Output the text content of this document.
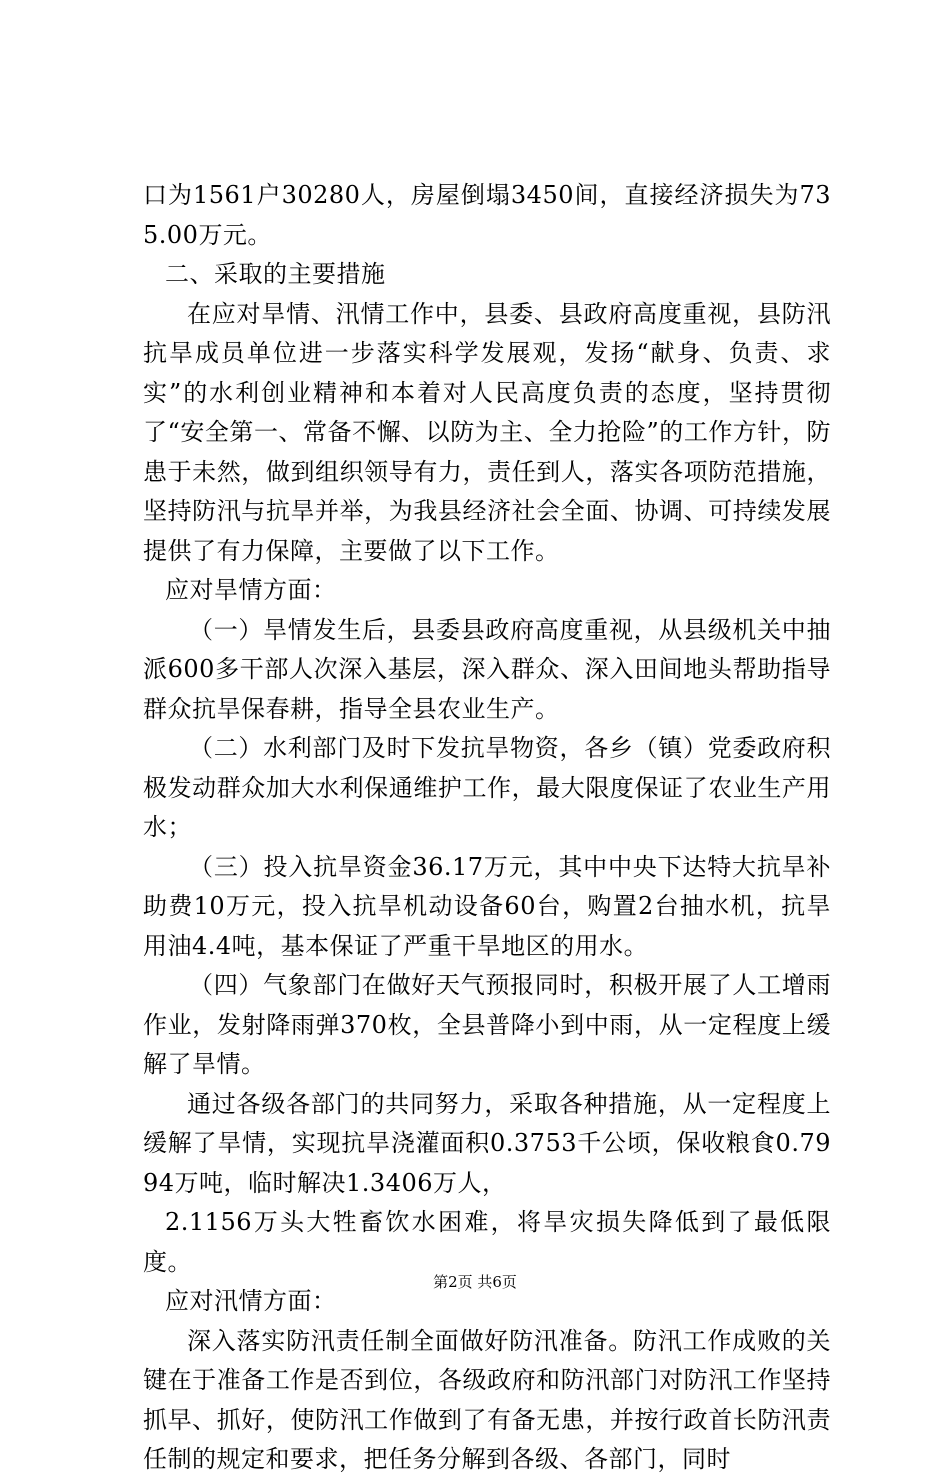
口为1561户30280人，房屋倒塌3450间，直接经济损失为735.00万元。

二、采取的主要措施

在应对旱情、汛情工作中，县委、县政府高度重视，县防汛抗旱成员单位进一步落实科学发展观，发扬“献身、负责、求实”的水利创业精神和本着对人民高度负责的态度，坚持贯彻了“安全第一、常备不懈、以防为主、全力抢险”的工作方针，防患于未然，做到组织领导有力，责任到人，落实各项防范措施，坚持防汛与抗旱并举，为我县经济社会全面、协调、可持续发展提供了有力保障，主要做了以下工作。

应对旱情方面：

（一）旱情发生后，县委县政府高度重视，从县级机关中抽派600多干部人次深入基层，深入群众、深入田间地头帮助指导群众抗旱保春耕，指导全县农业生产。

（二）水利部门及时下发抗旱物资，各乡（镇）党委政府积极发动群众加大水利保通维护工作，最大限度保证了农业生产用水；

（三）投入抗旱资金36.17万元，其中中央下达特大抗旱补助费10万元，投入抗旱机动设备60台，购置2台抽水机，抗旱用油4.4吨，基本保证了严重干旱地区的用水。

（四）气象部门在做好天气预报同时，积极开展了人工增雨作业，发射降雨弹370枚，全县普降小到中雨，从一定程度上缓解了旱情。

通过各级各部门的共同努力，采取各种措施，从一定程度上缓解了旱情，实现抗旱浇灌面积0.3753千公顷，保收粮食0.7994万吨，临时解决1.3406万人，

2.1156万头大牲畜饮水困难，将旱灾损失降低到了最低限度。

应对汛情方面：

深入落实防汛责任制全面做好防汛准备。防汛工作成败的关键在于准备工作是否到位，各级政府和防汛部门对防汛工作坚持抓早、抓好，使防汛工作做到了有备无患，并按行政首长防汛责任制的规定和要求，把任务分解到各级、各部门，同时

第2页 共6页
